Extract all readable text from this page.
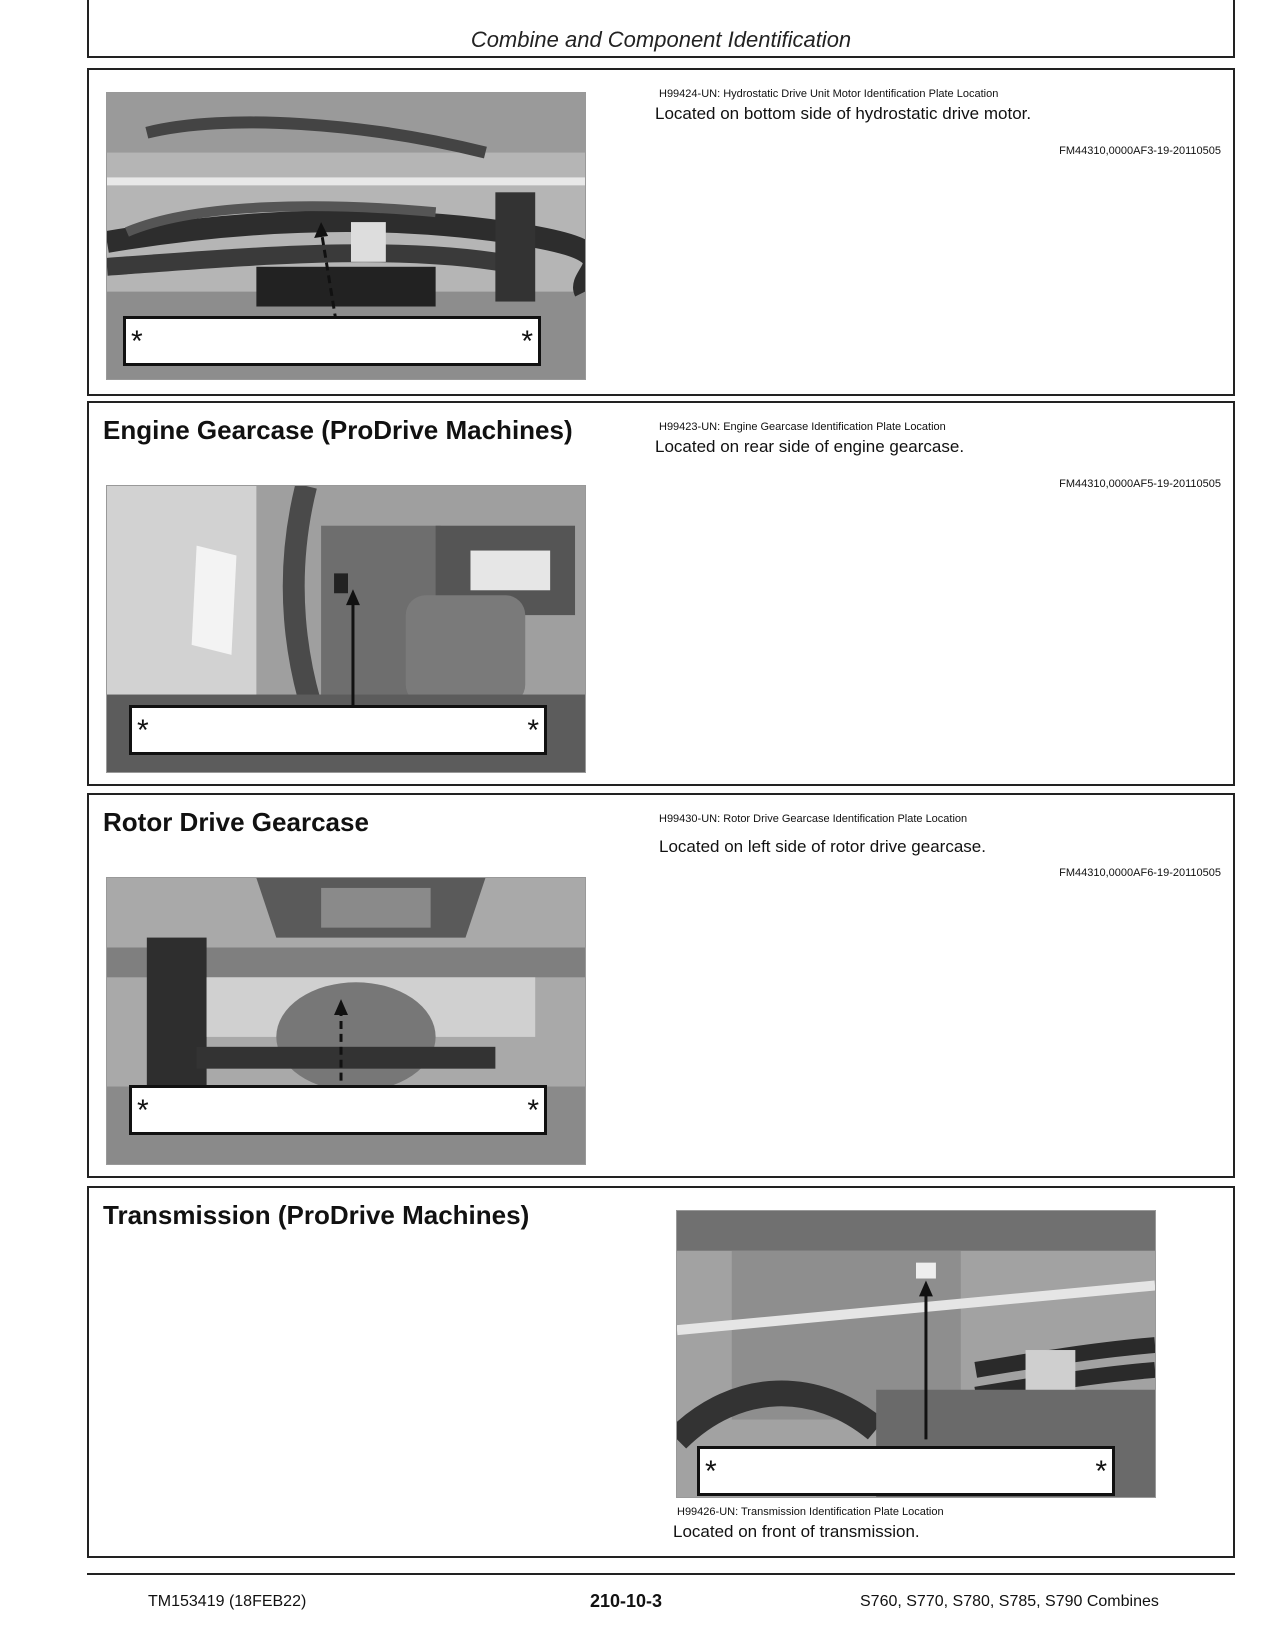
Combine and Component Identification
*	*
H99424-UN: Hydrostatic Drive Unit Motor Identification Plate Location
Located on bottom side of hydrostatic drive motor.
FM44310,0000AF3-19-20110505
Engine Gearcase (ProDrive Machines)
*	*
H99423-UN: Engine Gearcase Identification Plate Location
Located on rear side of engine gearcase.
FM44310,0000AF5-19-20110505
Rotor Drive Gearcase
*	*
H99430-UN: Rotor Drive Gearcase Identification Plate Location
Located on left side of rotor drive gearcase.
FM44310,0000AF6-19-20110505
Transmission (ProDrive Machines)
*	*
H99426-UN: Transmission Identification Plate Location
Located on front of transmission.
TM153419 (18FEB22)	210-10-3	S760, S770, S780, S785, S790 Combines
